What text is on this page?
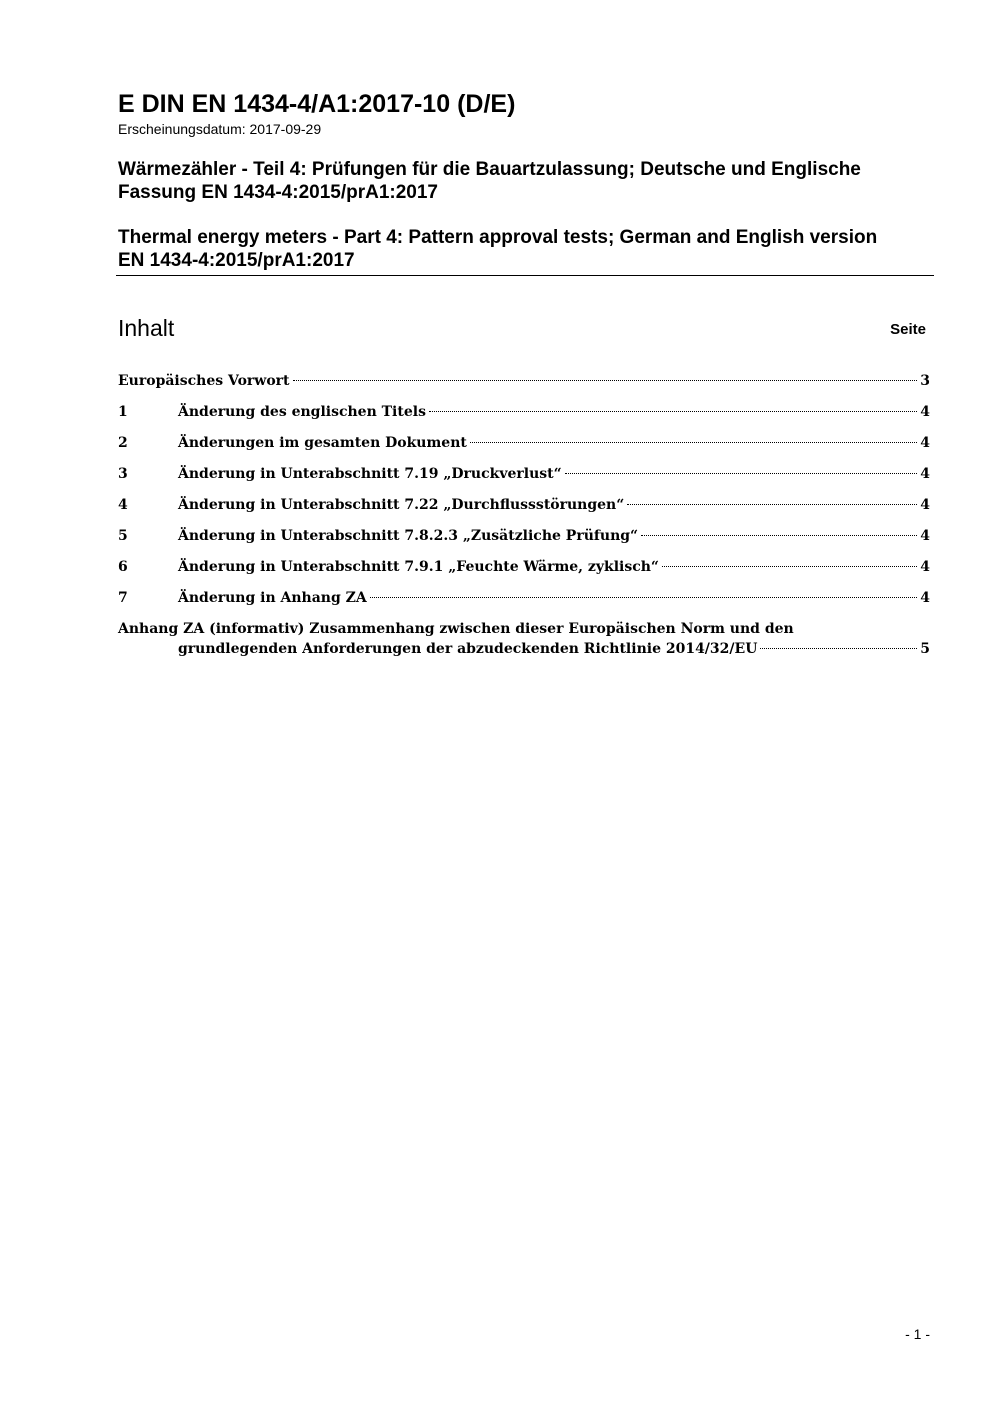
E DIN EN 1434-4/A1:2017-10 (D/E)
Erscheinungsdatum: 2017-09-29
Wärmezähler - Teil 4: Prüfungen für die Bauartzulassung; Deutsche und Englische
Fassung EN 1434-4:2015/prA1:2017
Thermal energy meters - Part 4: Pattern approval tests; German and English version
EN 1434-4:2015/prA1:2017
Inhalt	Seite
Europäisches Vorwort	3
1	Änderung des englischen Titels	4
2	Änderungen im gesamten Dokument	4
3	Änderung in Unterabschnitt 7.19 „Druckverlust“	4
4	Änderung in Unterabschnitt 7.22 „Durchflussstörungen“	4
5	Änderung in Unterabschnitt 7.8.2.3 „Zusätzliche Prüfung“	4
6	Änderung in Unterabschnitt 7.9.1 „Feuchte Wärme, zyklisch“	4
7	Änderung in Anhang ZA	4
Anhang ZA (informativ) Zusammenhang zwischen dieser Europäischen Norm und den
grundlegenden Anforderungen der abzudeckenden Richtlinie 2014/32/EU	5
- 1 -
